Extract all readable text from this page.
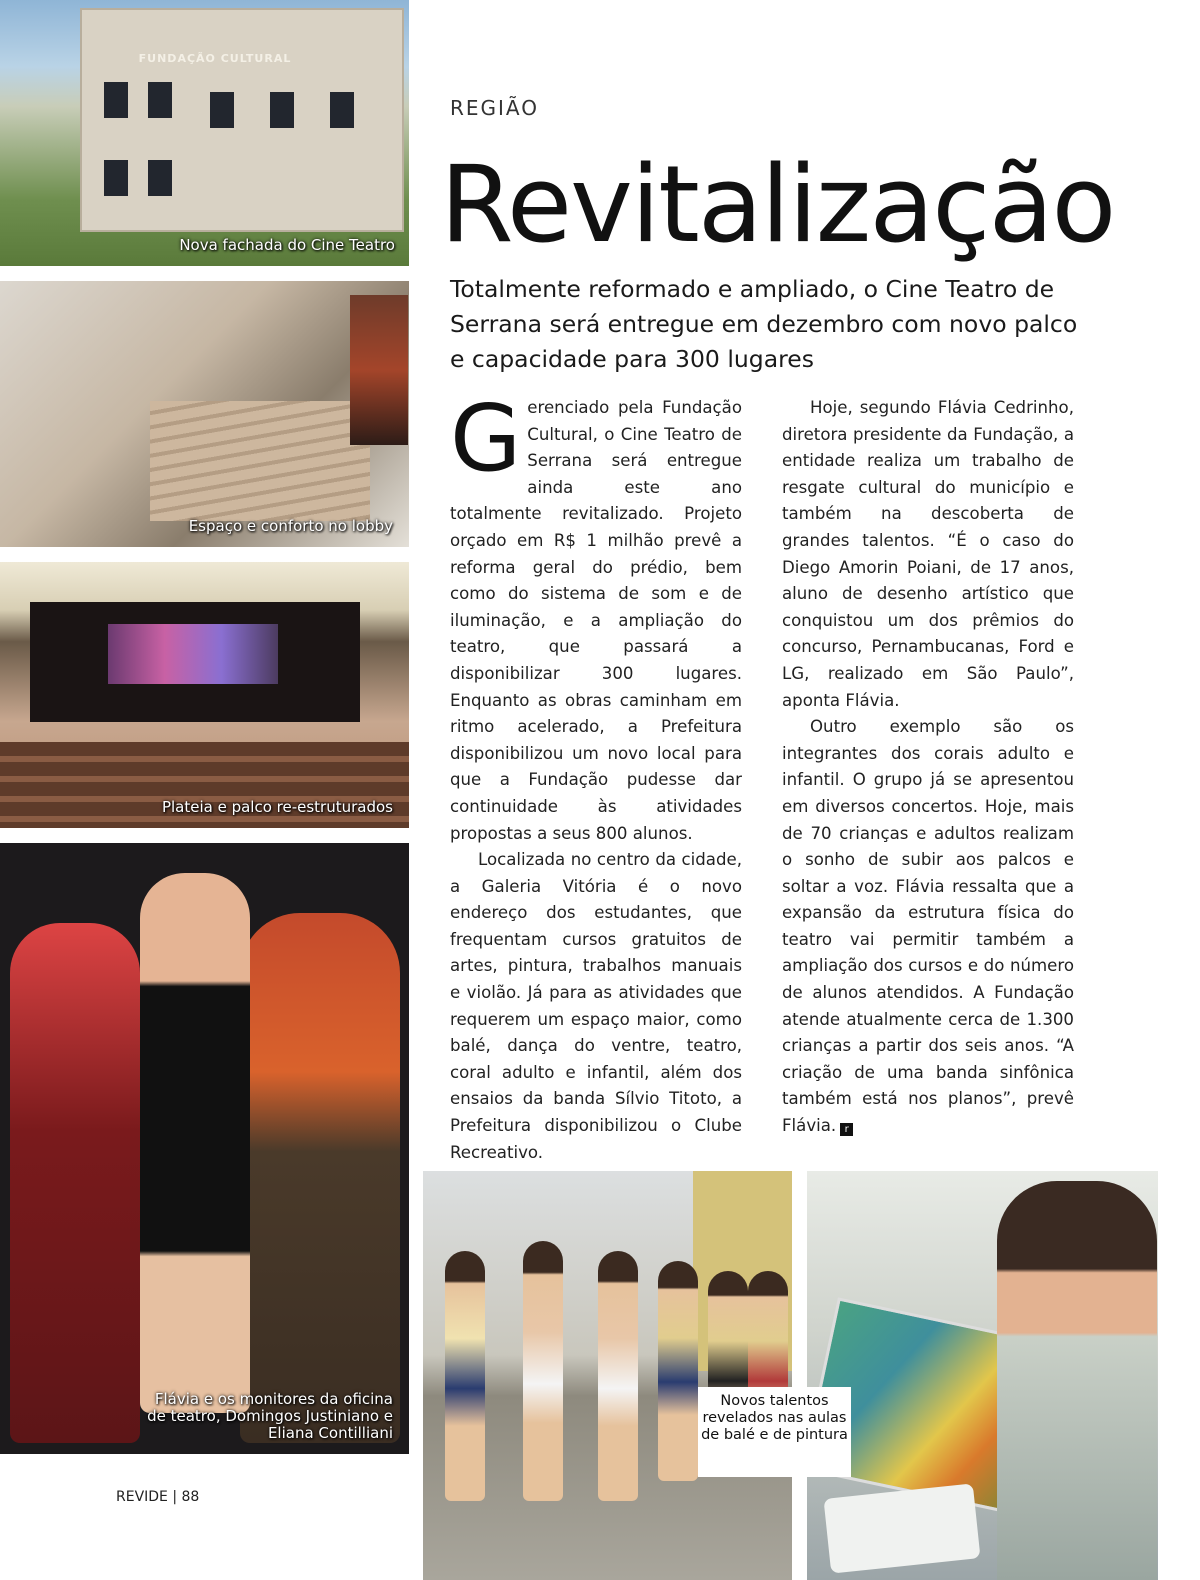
FUNDAÇÃO CULTURAL
Nova fachada do Cine Teatro
Espaço e conforto no lobby
Plateia e palco re-estruturados
Flávia e os monitores da oficina de teatro, Domingos Justiniano e Eliana Contilliani
Novos talentos revelados nas aulas de balé e de pintura
REGIÃO
Revitalização
Totalmente reformado e ampliado, o Cine Teatro de Serrana será entregue em dezembro com novo palco e capacidade para 300 lugares

Gerenciado pela Fundação Cultural, o Cine Teatro de Serrana será entregue ainda este ano totalmente revitalizado. Projeto orçado em R$ 1 milhão prevê a reforma geral do prédio, bem como do sistema de som e de iluminação, e a ampliação do teatro, que passará a disponibilizar 300 lugares. Enquanto as obras caminham em ritmo acelerado, a Prefeitura disponibilizou um novo local para que a Fundação pudesse dar continuidade às atividades propostas a seus 800 alunos.

Localizada no centro da cidade, a Galeria Vitória é o novo endereço dos estudantes, que frequentam cursos gratuitos de artes, pintura, trabalhos manuais e violão. Já para as atividades que requerem um espaço maior, como balé, dança do ventre, teatro, coral adulto e infantil, além dos ensaios da banda Sílvio Titoto, a Prefeitura disponibilizou o Clube Recreativo.

Hoje, segundo Flávia Cedrinho, diretora presidente da Fundação, a entidade realiza um trabalho de resgate cultural do município e também na descoberta de grandes talentos. “É o caso do Diego Amorin Poiani, de 17 anos, aluno de desenho artístico que conquistou um dos prêmios do concurso, Pernambucanas, Ford e LG, realizado em São Paulo”, aponta Flávia.

Outro exemplo são os integrantes dos corais adulto e infantil. O grupo já se apresentou em diversos concertos. Hoje, mais de 70 crianças e adultos realizam o sonho de subir aos palcos e soltar a voz. Flávia ressalta que a expansão da estrutura física do teatro vai permitir também a ampliação dos cursos e do número de alunos atendidos. A Fundação atende atualmente cerca de 1.300 crianças a partir dos seis anos. “A criação de uma banda sinfônica também está nos planos”, prevê Flávia. r

REVIDE | 88
